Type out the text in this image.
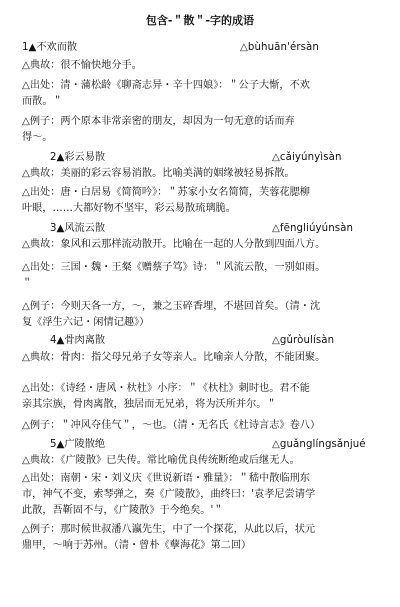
包含-＂散＂-字的成语
1▲不欢而散	△bùhuān'érsàn
△典故：很不愉快地分手。
△出处：清・蒲松龄《聊斋志异・辛十四娘》：＂公子大惭，不欢
而散。＂
△例子：两个原本非常亲密的朋友，却因为一句无意的话而弃
得～。
2▲彩云易散	△cǎiyúnyìsàn
△典故：美丽的彩云容易消散。比喻美满的姻缘被轻易拆散。
△出处：唐・白居易《简简吟》：＂苏家小女名简简，芙蓉花腮柳
叶眼，……大都好物不坚牢，彩云易散琉璃脆。
3▲风流云散	△fēngliúyúnsàn
△典故：象风和云那样流动散开。比喻在一起的人分散到四面八方。
△出处：三国・魏・王粲《赠蔡子笃》诗：＂风流云散，一别如雨。
＂
△例子：今则天各一方，～，兼之玉碎香埋，不堪回首矣。（清・沈
复《浮生六记・闲情记趣》）
4▲骨肉离散	△gǔròulísàn
△典故：骨肉：指父母兄弟子女等亲人。比喻亲人分散，不能团聚。
△出处：《诗经・唐风・杕杜》小序：＂《杕杜》刺时也。君不能
亲其宗族，骨肉离散，独居而无兄弟，将为沃所并尔。＂
△例子：＂冲风夺佳气＂，～也。（清・无名氏《杜诗言志》卷八）
5▲广陵散绝	△guǎnglíngsǎnjué
△典故：《广陵散》已失传。常比喻优良传统断绝或后继无人。
△出处：南朝・宋・刘义庆《世说新语・雅量》：＂嵇中散临刑东
市，神气不变，索琴弹之，奏《广陵散》，曲终曰：'袁孝尼尝请学
此散，吾靳固不与，《广陵散》于今绝矣。'＂
△例子：那时候世叔潘八瀛先生，中了一个探花，从此以后，状元
鼎甲，～响于苏州。（清・曾朴《孽海花》第二回）
